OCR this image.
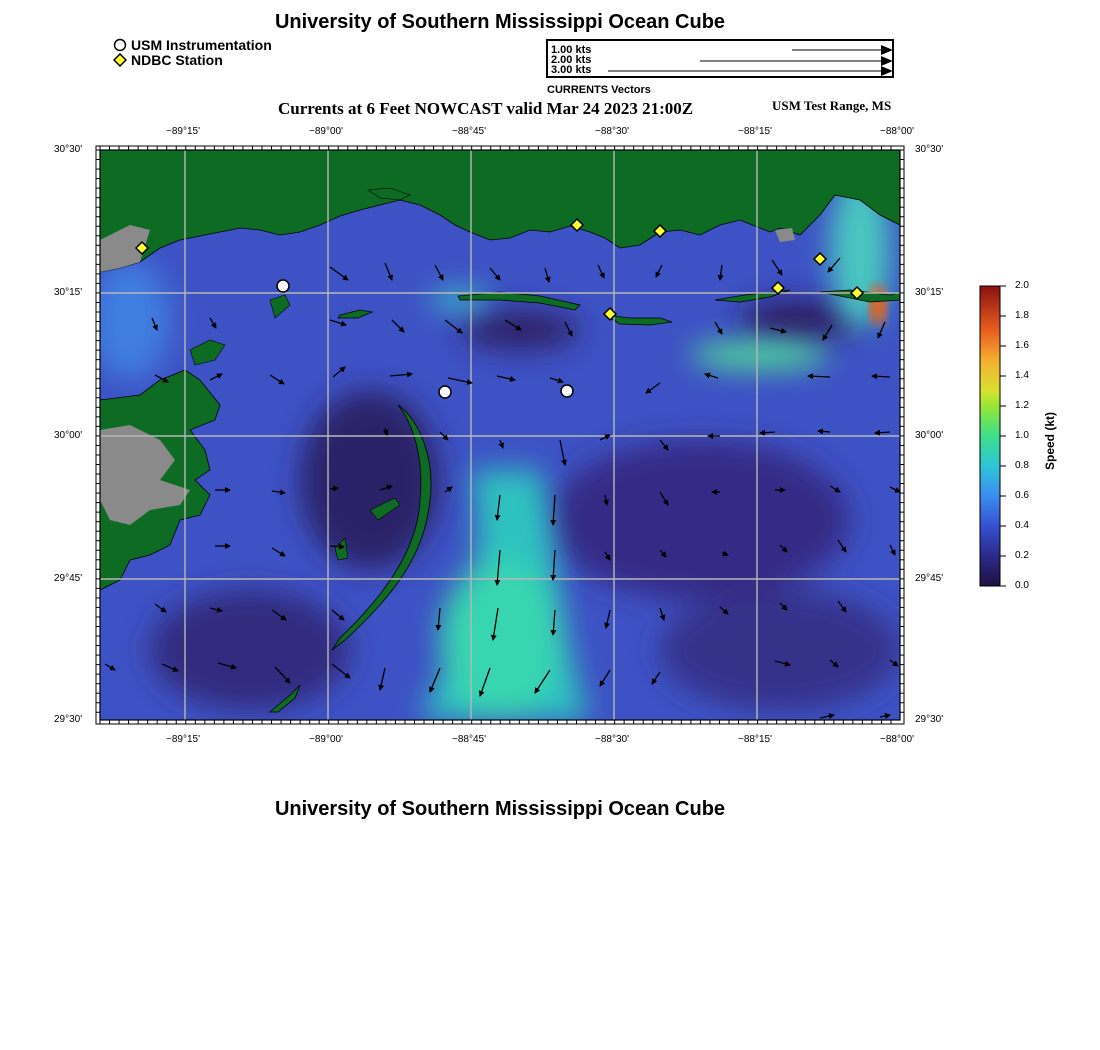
University of Southern Mississippi Ocean Cube
University of Southern Mississippi Ocean Cube
USM Instrumentation
NDBC Station
1.00 kts
2.00 kts
3.00 kts
CURRENTS Vectors
Currents at 6 Feet NOWCAST valid Mar 24 2023 21:00Z	USM Test Range, MS
−89°15'	−89°00'	−88°45'	−88°30'	−88°15'	−88°00'
−89°15'	−89°00'	−88°45'	−88°30'	−88°15'	−88°00'
30°30'
30°15'
30°00'
29°45'
29°30'
30°30'
30°15'
30°00'
29°45'
29°30'
2.0
1.8
1.6
1.4
1.2
1.0
0.8
0.6
0.4
0.2
0.0
Speed (kt)
